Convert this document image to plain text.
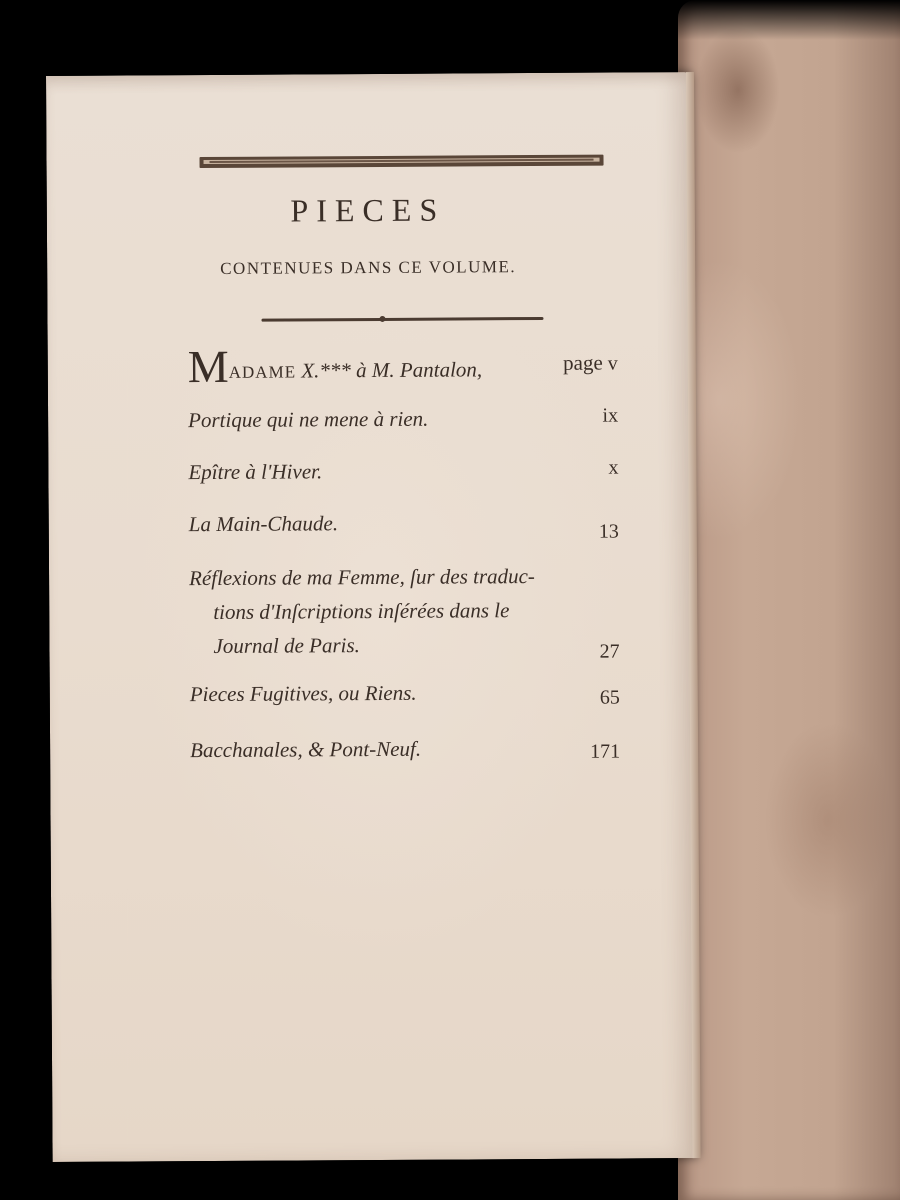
PIECES
CONTENUES DANS CE VOLUME.
MADAME X.*** à M. Pantalon,	page v
Portique qui ne mene à rien.	ix
Epître à l'Hiver.	x
La Main-Chaude.	13
Réflexions de ma Femme, ſur des traduc-
tions d'Inſcriptions inſérées dans le
Journal de Paris.	27
Pieces Fugitives, ou Riens.	65
Bacchanales, & Pont-Neuf.	171
